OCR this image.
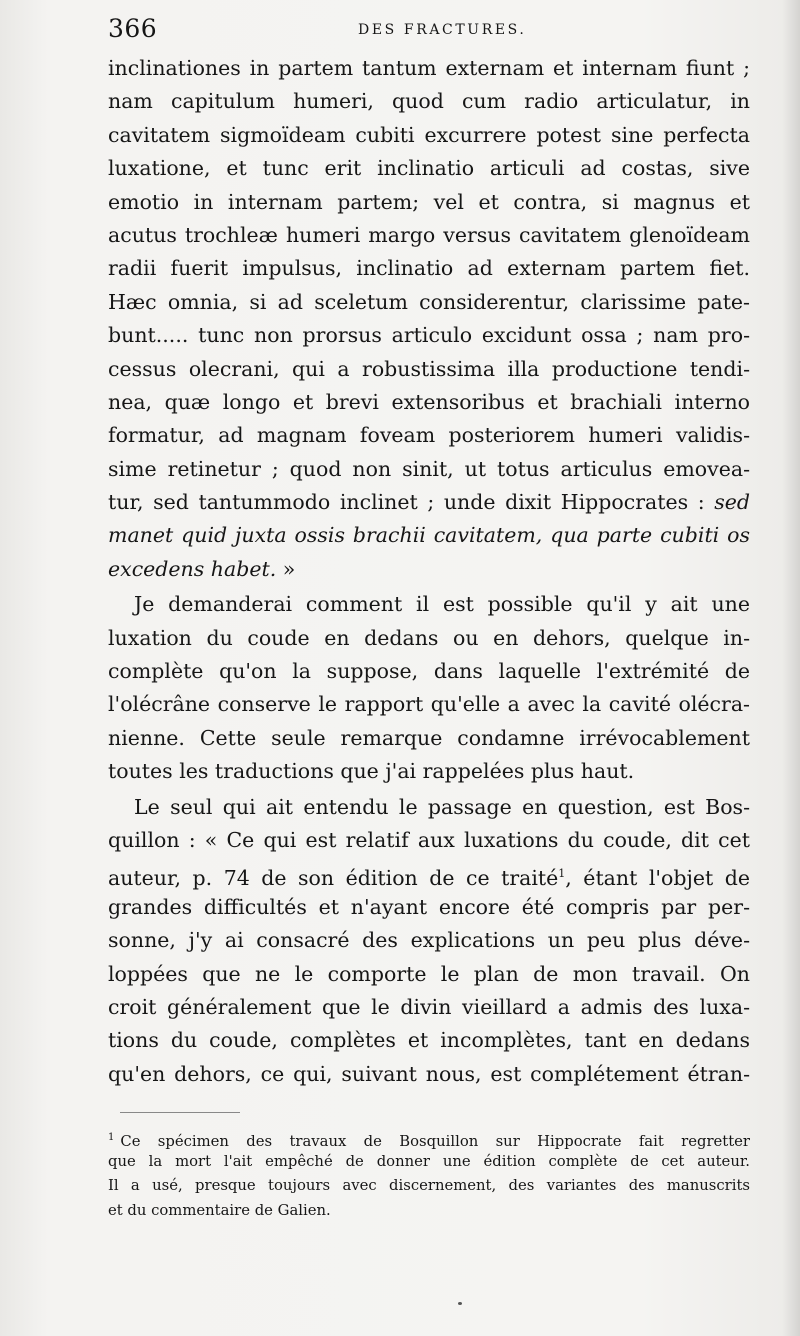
366	DES FRACTURES.
inclinationes in partem tantum externam et internam fiunt ;
nam capitulum humeri, quod cum radio articulatur, in
cavitatem sigmoïdeam cubiti excurrere potest sine perfecta
luxatione, et tunc erit inclinatio articuli ad costas, sive
emotio in internam partem; vel et contra, si magnus et
acutus trochleæ humeri margo versus cavitatem glenoïdeam
radii fuerit impulsus, inclinatio ad externam partem fiet.
Hæc omnia, si ad sceletum considerentur, clarissime pate-
bunt..... tunc non prorsus articulo excidunt ossa ; nam pro-
cessus olecrani, qui a robustissima illa productione tendi-
nea, quæ longo et brevi extensoribus et brachiali interno
formatur, ad magnam foveam posteriorem humeri validis-
sime retinetur ; quod non sinit, ut totus articulus emovea-
tur, sed tantummodo inclinet ; unde dixit Hippocrates : sed
manet quid juxta ossis brachii cavitatem, qua parte cubiti os
excedens habet. »
Je demanderai comment il est possible qu'il y ait une
luxation du coude en dedans ou en dehors, quelque in-
complète qu'on la suppose, dans laquelle l'extrémité de
l'olécrâne conserve le rapport qu'elle a avec la cavité olécra-
nienne. Cette seule remarque condamne irrévocablement
toutes les traductions que j'ai rappelées plus haut.
Le seul qui ait entendu le passage en question, est Bos-
quillon : « Ce qui est relatif aux luxations du coude, dit cet
auteur, p. 74 de son édition de ce traité$^1$, étant l'objet de
grandes difficultés et n'ayant encore été compris par per-
sonne, j'y ai consacré des explications un peu plus déve-
loppées que ne le comporte le plan de mon travail. On
croit généralement que le divin vieillard a admis des luxa-
tions du coude, complètes et incomplètes, tant en dedans
qu'en dehors, ce qui, suivant nous, est complétement étran-
$^1$ Ce spécimen des travaux de Bosquillon sur Hippocrate fait regretter
que la mort l'ait empêché de donner une édition complète de cet auteur.
Il a usé, presque toujours avec discernement, des variantes des manuscrits
et du commentaire de Galien.
